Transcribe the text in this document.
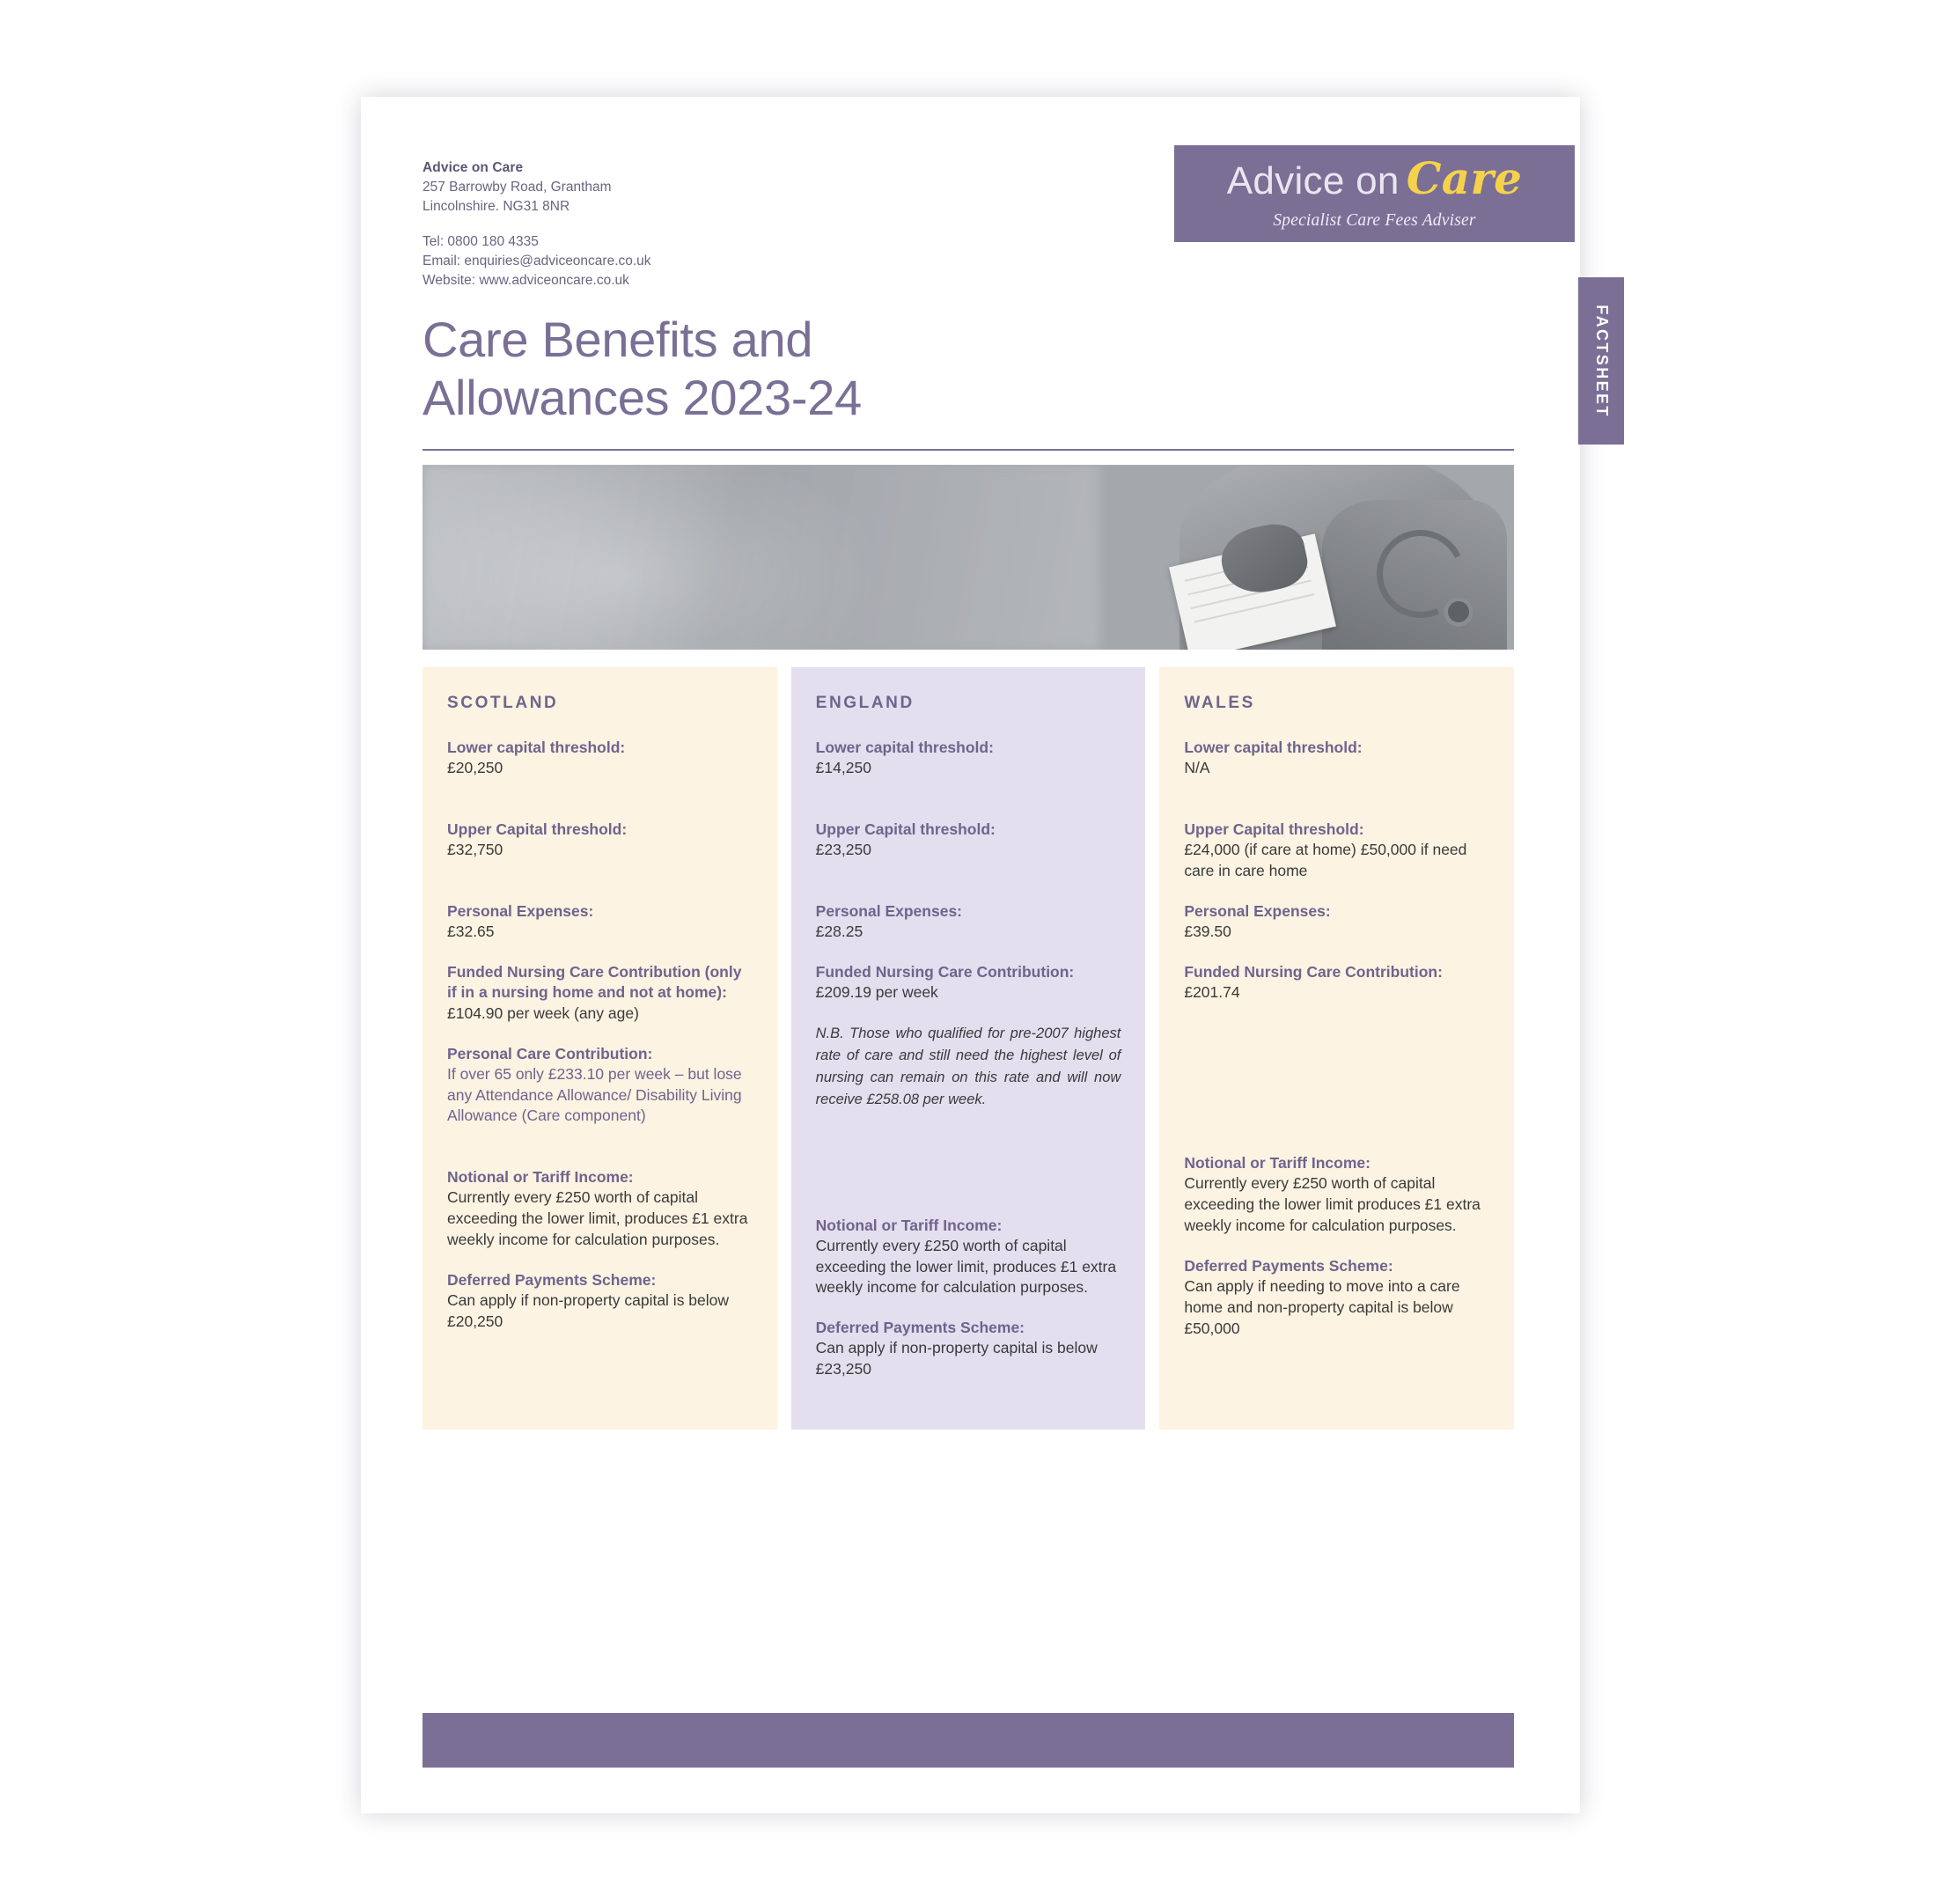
Advice on Care
257 Barrowby Road, Grantham
Lincolnshire. NG31 8NR
Tel: 0800 180 4335
Email: enquiries@adviceoncare.co.uk
Website: www.adviceoncare.co.uk
Advice on Care
Specialist Care Fees Adviser
Care Benefits and
Allowances 2023-24	FACTSHEET
SCOTLAND
Lower capital threshold:
£20,250
Upper Capital threshold:
£32,750
Personal Expenses:
£32.65
Funded Nursing Care Contribution (only if in a nursing home and not at home):
£104.90 per week (any age)
Personal Care Contribution:
If over 65 only £233.10 per week – but lose any Attendance Allowance/ Disability Living Allowance (Care component)
Notional or Tariff Income:
Currently every £250 worth of capital exceeding the lower limit, produces £1 extra weekly income for calculation purposes.
Deferred Payments Scheme:
Can apply if non-property capital is below £20,250
ENGLAND
Lower capital threshold:
£14,250
Upper Capital threshold:
£23,250
Personal Expenses:
£28.25
Funded Nursing Care Contribution:
£209.19 per week
N.B. Those who qualified for pre-2007 highest rate of care and still need the highest level of nursing can remain on this rate and will now receive £258.08 per week.
Notional or Tariff Income:
Currently every £250 worth of capital exceeding the lower limit, produces £1 extra weekly income for calculation purposes.
Deferred Payments Scheme:
Can apply if non-property capital is below £23,250
WALES
Lower capital threshold:
N/A
Upper Capital threshold:
£24,000 (if care at home) £50,000 if need care in care home
Personal Expenses:
£39.50
Funded Nursing Care Contribution:
£201.74
Notional or Tariff Income:
Currently every £250 worth of capital exceeding the lower limit produces £1 extra weekly income for calculation purposes.
Deferred Payments Scheme:
Can apply if needing to move into a care home and non-property capital is below £50,000
